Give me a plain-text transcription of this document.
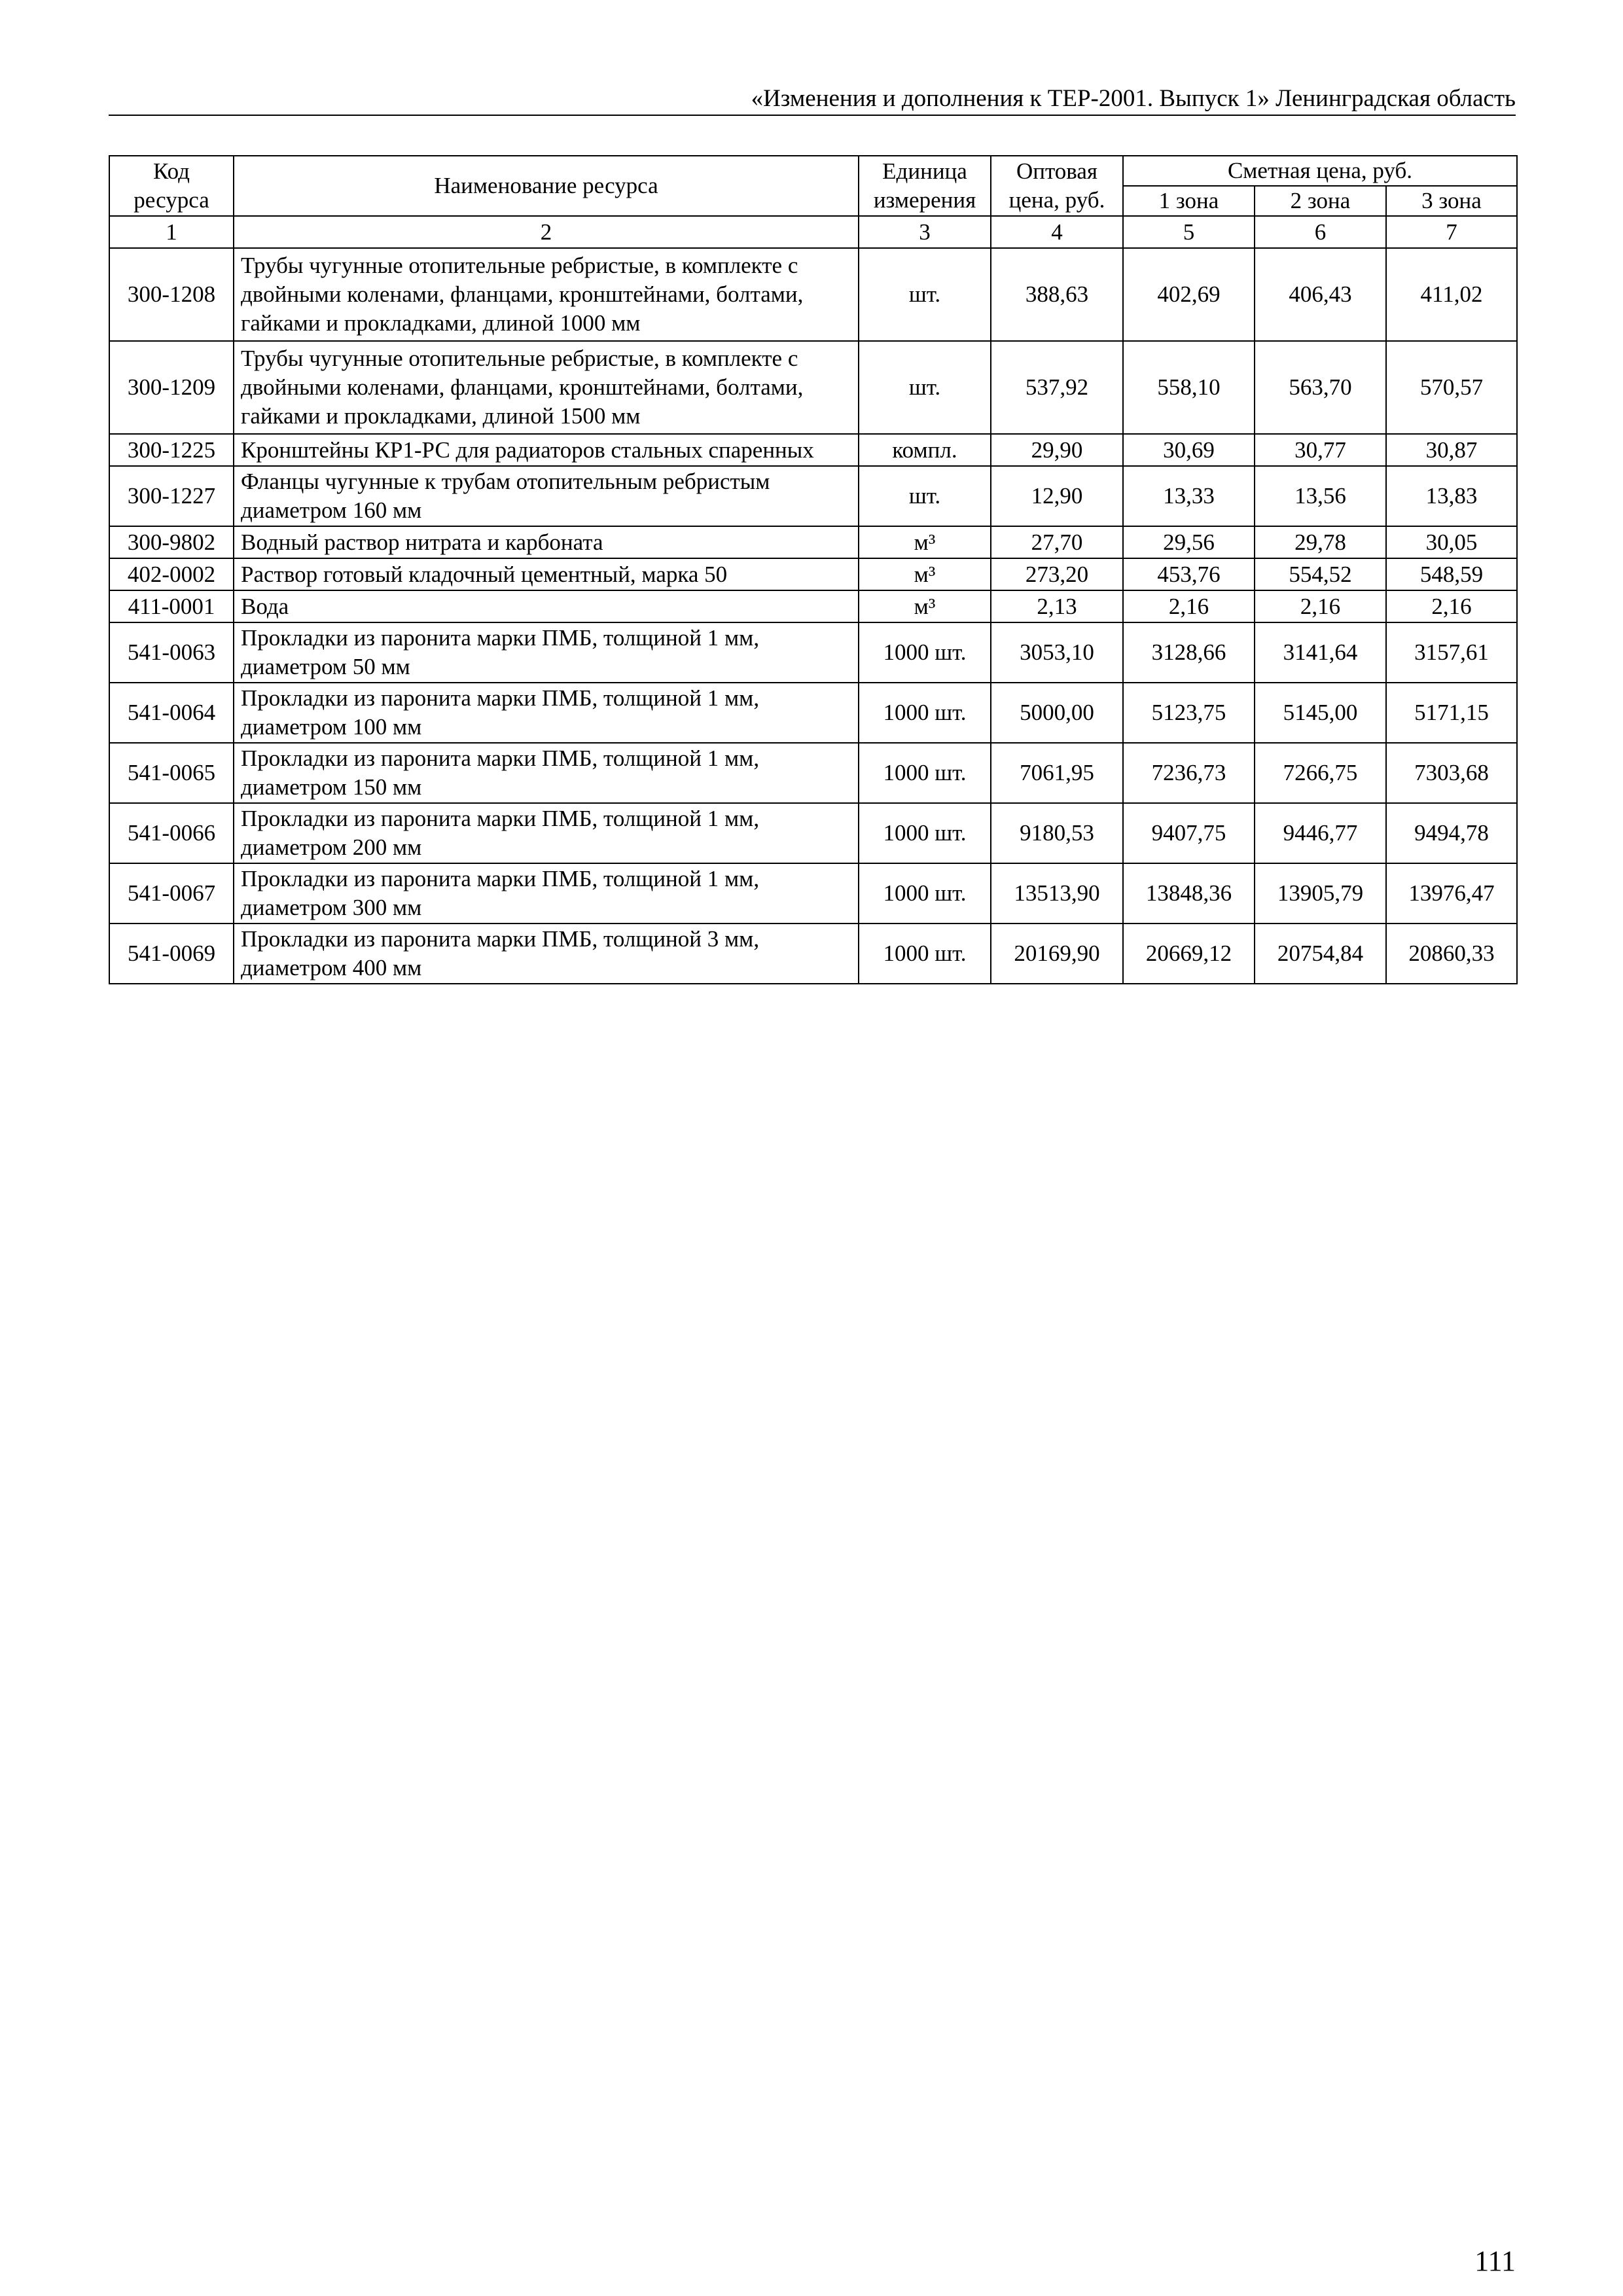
«Изменения и дополнения к ТЕР-2001. Выпуск 1» Ленинградская область
Код ресурса	Наименование ресурса	Единица измерения	Оптовая цена, руб.	Сметная цена, руб.		
				1 зона	2 зона	3 зона
1	2	3	4	5	6	7
300-1208	Трубы чугунные отопительные ребристые, в комплекте с двойными коленами, фланцами, кронштейнами, болтами, гайками и прокладками, длиной 1000 мм	шт.	388,63	402,69	406,43	411,02
300-1209	Трубы чугунные отопительные ребристые, в комплекте с двойными коленами, фланцами, кронштейнами, болтами, гайками и прокладками, длиной 1500 мм	шт.	537,92	558,10	563,70	570,57
300-1225	Кронштейны КР1-РС для радиаторов стальных спаренных	компл.	29,90	30,69	30,77	30,87
300-1227	Фланцы чугунные к трубам отопительным ребристым диаметром 160 мм	шт.	12,90	13,33	13,56	13,83
300-9802	Водный раствор нитрата и карбоната	м³	27,70	29,56	29,78	30,05
402-0002	Раствор готовый кладочный цементный, марка 50	м³	273,20	453,76	554,52	548,59
411-0001	Вода	м³	2,13	2,16	2,16	2,16
541-0063	Прокладки из паронита марки ПМБ, толщиной 1 мм, диаметром 50 мм	1000 шт.	3053,10	3128,66	3141,64	3157,61
541-0064	Прокладки из паронита марки ПМБ, толщиной 1 мм, диаметром 100 мм	1000 шт.	5000,00	5123,75	5145,00	5171,15
541-0065	Прокладки из паронита марки ПМБ, толщиной 1 мм, диаметром 150 мм	1000 шт.	7061,95	7236,73	7266,75	7303,68
541-0066	Прокладки из паронита марки ПМБ, толщиной 1 мм, диаметром 200 мм	1000 шт.	9180,53	9407,75	9446,77	9494,78
541-0067	Прокладки из паронита марки ПМБ, толщиной 1 мм, диаметром 300 мм	1000 шт.	13513,90	13848,36	13905,79	13976,47
541-0069	Прокладки из паронита марки ПМБ, толщиной 3 мм, диаметром 400 мм	1000 шт.	20169,90	20669,12	20754,84	20860,33
111
